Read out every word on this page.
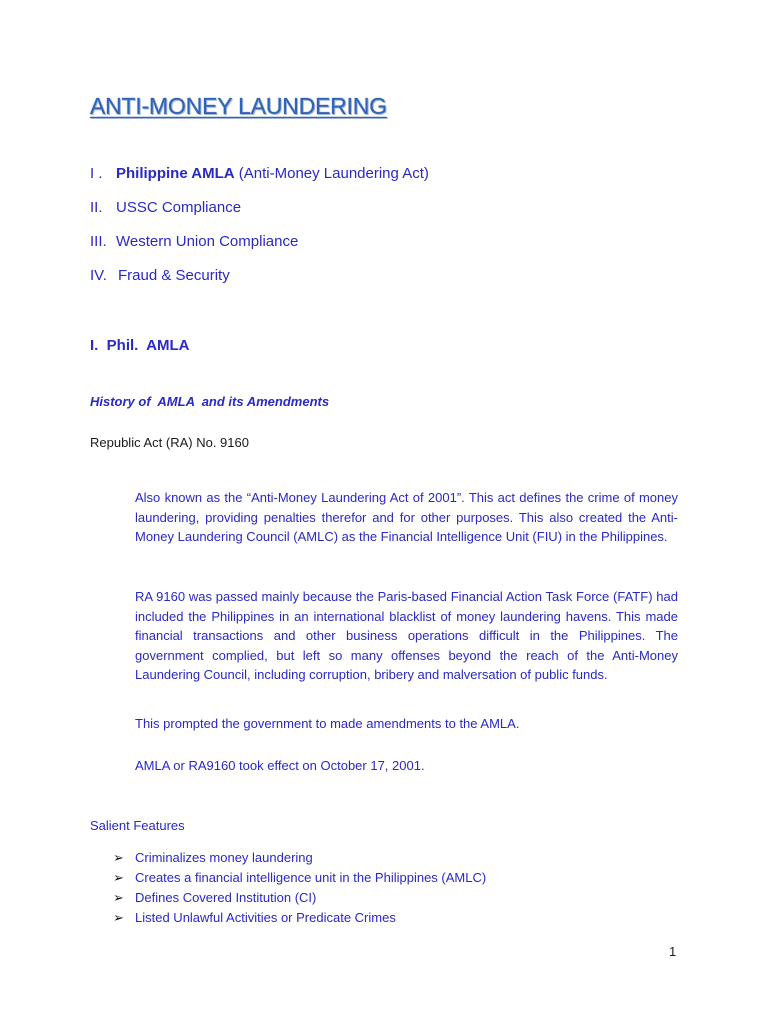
ANTI-MONEY LAUNDERING
I . Philippine AMLA (Anti-Money Laundering Act)
II. USSC Compliance
III. Western Union Compliance
IV. Fraud & Security
I.  Phil.  AMLA
History of  AMLA  and its Amendments
Republic Act (RA) No. 9160

Also known as the “Anti-Money Laundering Act of 2001”. This act defines the crime of money laundering, providing penalties therefor and for other purposes. This also created the Anti-Money Laundering Council (AMLC) as the Financial Intelligence Unit (FIU) in the Philippines.

RA 9160 was passed mainly because the Paris-based Financial Action Task Force (FATF) had included the Philippines in an international blacklist of money laundering havens. This made financial transactions and other business operations difficult in the Philippines. The government complied, but left so many offenses beyond the reach of the Anti-Money Laundering Council, including corruption, bribery and malversation of public funds.

This prompted the government to made amendments to the AMLA.

AMLA or RA9160 took effect on October 17, 2001.

Salient Features
➢ Criminalizes money laundering
➢ Creates a financial intelligence unit in the Philippines (AMLC)
➢ Defines Covered Institution (CI)
➢ Listed Unlawful Activities or Predicate Crimes
1
